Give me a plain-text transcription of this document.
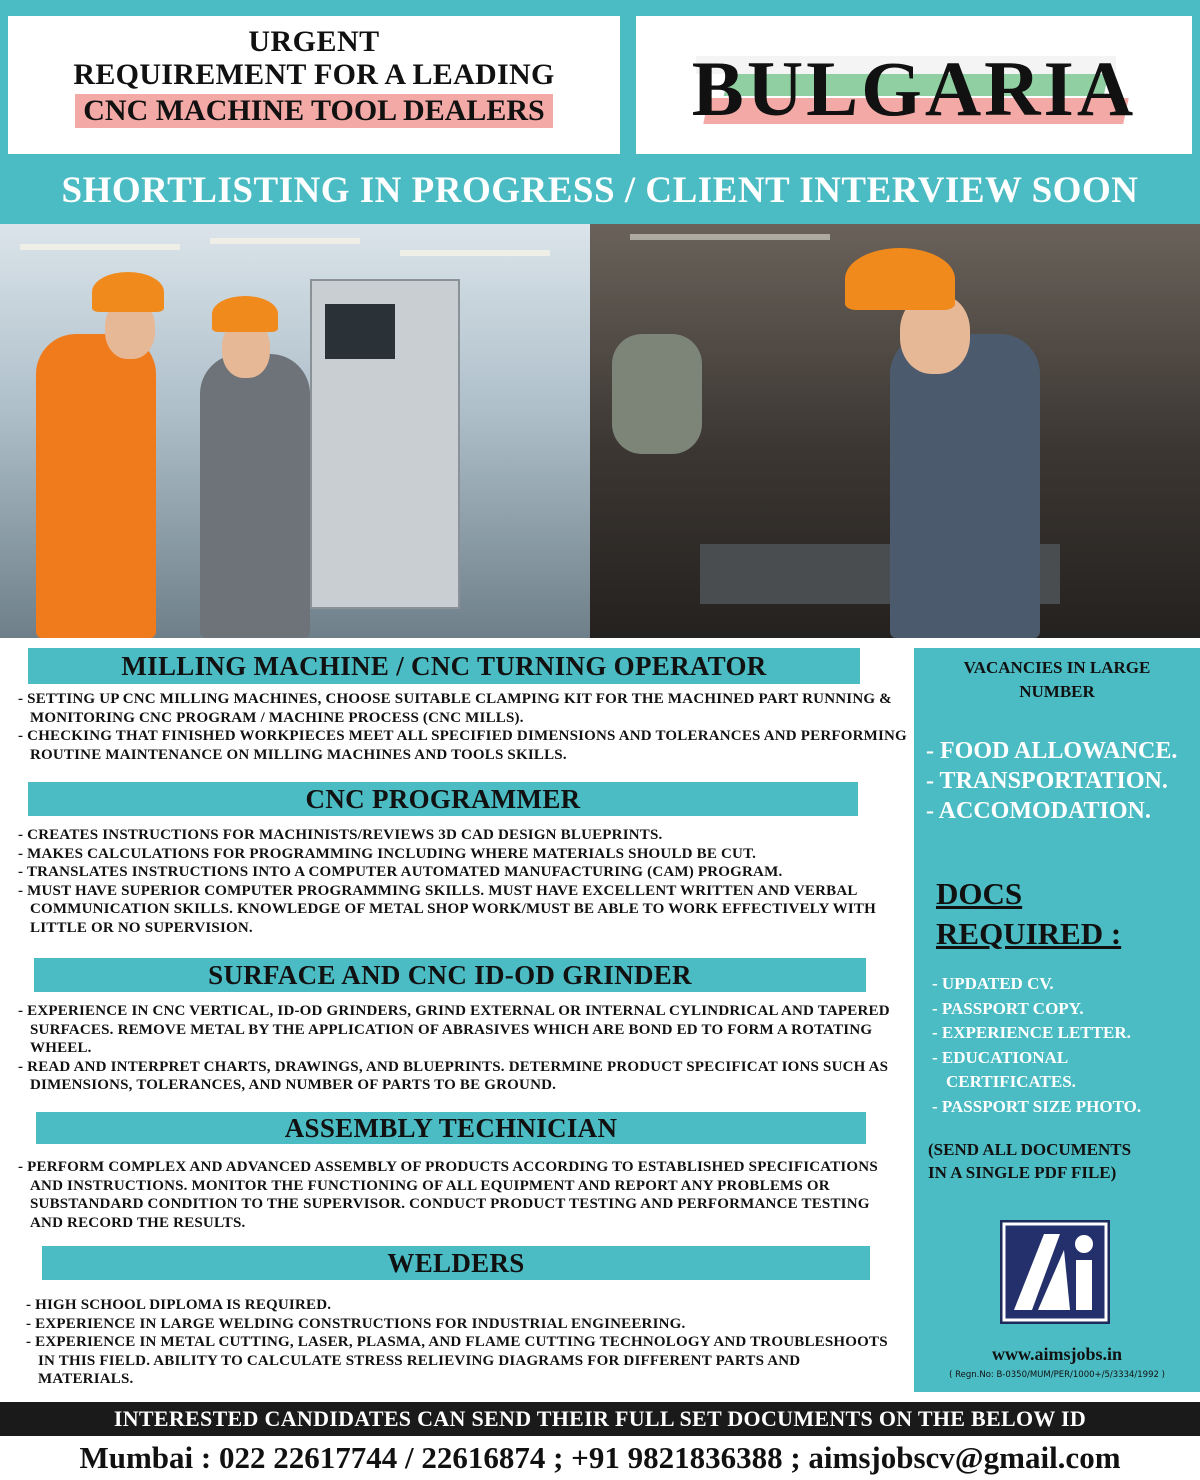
URGENT
REQUIREMENT FOR A LEADING
CNC MACHINE TOOL DEALERS	BULGARIA
SHORTLISTING IN PROGRESS / CLIENT INTERVIEW SOON
MILLING MACHINE / CNC TURNING OPERATOR
- SETTING UP CNC MILLING MACHINES, CHOOSE SUITABLE CLAMPING KIT FOR THE MACHINED PART RUNNING & MONITORING CNC PROGRAM / MACHINE PROCESS (CNC MILLS).
- CHECKING THAT FINISHED WORKPIECES MEET ALL SPECIFIED DIMENSIONS AND TOLERANCES AND PERFORMING ROUTINE MAINTENANCE ON MILLING MACHINES AND TOOLS SKILLS.
CNC PROGRAMMER
- CREATES INSTRUCTIONS FOR MACHINISTS/REVIEWS 3D CAD DESIGN BLUEPRINTS.
- MAKES CALCULATIONS FOR PROGRAMMING INCLUDING WHERE MATERIALS SHOULD BE CUT.
- TRANSLATES INSTRUCTIONS INTO A COMPUTER AUTOMATED MANUFACTURING (CAM) PROGRAM.
- MUST HAVE SUPERIOR COMPUTER PROGRAMMING SKILLS. MUST HAVE EXCELLENT WRITTEN AND VERBAL COMMUNICATION SKILLS. KNOWLEDGE OF METAL SHOP WORK/MUST BE ABLE TO WORK EFFECTIVELY WITH LITTLE OR NO SUPERVISION.
SURFACE AND CNC ID-OD GRINDER
- EXPERIENCE IN CNC VERTICAL, ID-OD GRINDERS, GRIND EXTERNAL OR INTERNAL CYLINDRICAL AND TAPERED SURFACES. REMOVE METAL BY THE APPLICATION OF ABRASIVES WHICH ARE BOND ED TO FORM A ROTATING WHEEL.
- READ AND INTERPRET CHARTS, DRAWINGS, AND BLUEPRINTS. DETERMINE PRODUCT SPECIFICAT IONS SUCH AS DIMENSIONS, TOLERANCES, AND NUMBER OF PARTS TO BE GROUND.
ASSEMBLY TECHNICIAN
- PERFORM COMPLEX AND ADVANCED ASSEMBLY OF PRODUCTS ACCORDING TO ESTABLISHED SPECIFICATIONS AND INSTRUCTIONS. MONITOR THE FUNCTIONING OF ALL EQUIPMENT AND REPORT ANY PROBLEMS OR SUBSTANDARD CONDITION TO THE SUPERVISOR. CONDUCT PRODUCT TESTING AND PERFORMANCE TESTING AND RECORD THE RESULTS.
WELDERS
- HIGH SCHOOL DIPLOMA IS REQUIRED.
- EXPERIENCE IN LARGE WELDING CONSTRUCTIONS FOR INDUSTRIAL ENGINEERING.
- EXPERIENCE IN METAL CUTTING, LASER, PLASMA, AND FLAME CUTTING TECHNOLOGY AND TROUBLESHOOTS IN THIS FIELD. ABILITY TO CALCULATE STRESS RELIEVING DIAGRAMS FOR DIFFERENT PARTS AND MATERIALS.
VACANCIES IN LARGE
NUMBER
- FOOD ALLOWANCE.
- TRANSPORTATION.
- ACCOMODATION.
DOCS
REQUIRED :
- UPDATED CV.
- PASSPORT COPY.
- EXPERIENCE LETTER.
- EDUCATIONAL
CERTIFICATES.
- PASSPORT SIZE PHOTO.
(SEND ALL DOCUMENTS
IN A SINGLE PDF FILE)
Ai
www.aimsjobs.in
( Regn.No: B-0350/MUM/PER/1000+/5/3334/1992 )
INTERESTED CANDIDATES CAN SEND THEIR FULL SET DOCUMENTS ON THE BELOW ID
Mumbai : 022 22617744 / 22616874 ; +91 9821836388 ; aimsjobscv@gmail.com
